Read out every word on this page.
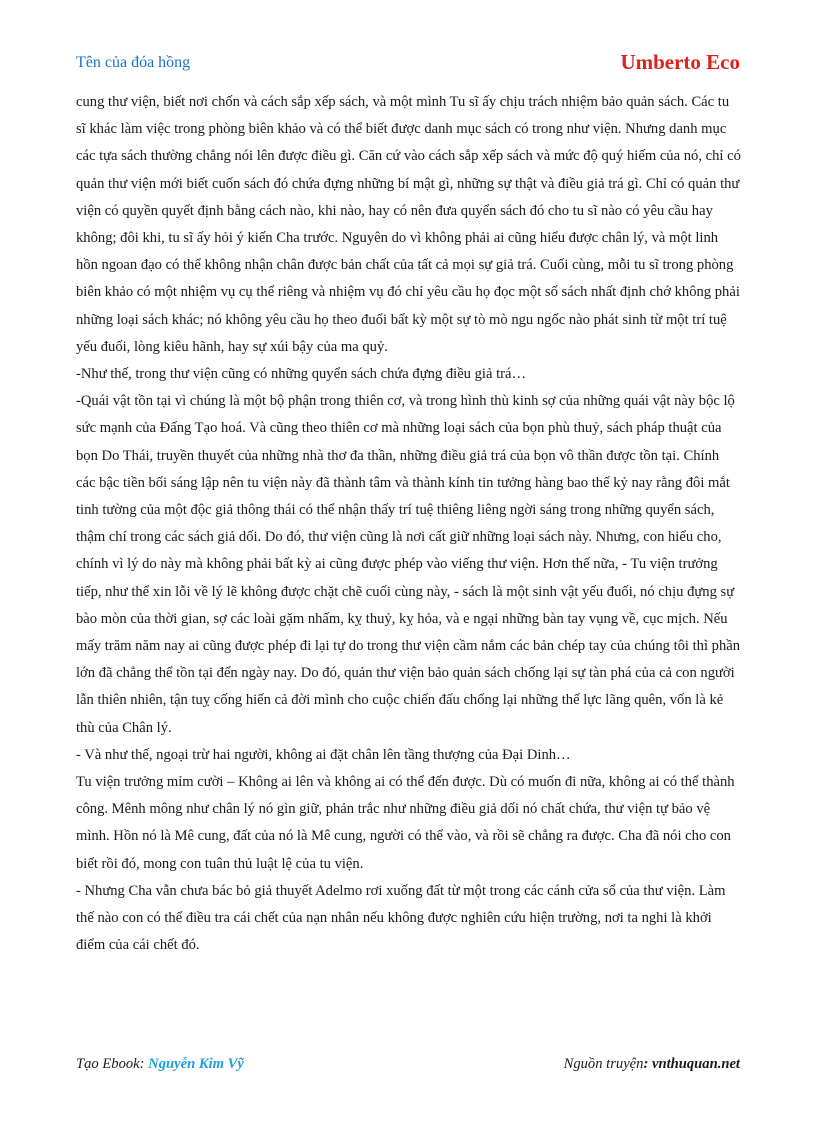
Tên của đóa hồng	Umberto Eco

cung thư viện, biết nơi chốn và cách sắp xếp sách, và một mình Tu sĩ ấy chịu trách nhiệm bảo quản sách. Các tu sĩ khác làm việc trong phòng biên khảo và có thể biết được danh mục sách có trong như viện. Nhưng danh mục các tựa sách thường chẳng nói lên được điều gì. Căn cứ vào cách sắp xếp sách và mức độ quý hiếm của nó, chỉ có quản thư viện mới biết cuốn sách đó chứa đựng những bí mật gì, những sự thật và điều giả trá gì. Chỉ có quản thư viện có quyền quyết định bằng cách nào, khi nào, hay có nên đưa quyển sách đó cho tu sĩ nào có yêu cầu hay không; đôi khi, tu sĩ ấy hỏi ý kiến Cha trước. Nguyên do vì không phải ai cũng hiểu được chân lý, và một linh hồn ngoan đạo có thể không nhận chân được bản chất của tất cả mọi sự giả trá. Cuối cùng, mỗi tu sĩ trong phòng biên khảo có một nhiệm vụ cụ thể riêng và nhiệm vụ đó chỉ yêu cầu họ đọc một số sách nhất định chớ không phải những loại sách khác; nó không yêu cầu họ theo đuổi bất kỳ một sự tò mò ngu ngốc nào phát sinh từ một trí tuệ yếu đuối, lòng kiêu hãnh, hay sự xúi bậy của ma quỷ.

-Như thế, trong thư viện cũng có những quyển sách chứa đựng điều giả trá…

-Quái vật tồn tại vì chúng là một bộ phận trong thiên cơ, và trong hình thù kinh sợ của những quái vật này bộc lộ sức mạnh của Đấng Tạo hoá. Và cũng theo thiên cơ mà những loại sách của bọn phù thuỷ, sách pháp thuật của bọn Do Thái, truyền thuyết của những nhà thơ đa thần, những điều giả trá của bọn vô thần được tồn tại. Chính các bậc tiền bối sáng lập nên tu viện này đã thành tâm và thành kính tin tưởng hàng bao thế kỷ nay rằng đôi mắt tinh tường của một độc giả thông thái có thể nhận thấy trí tuệ thiêng liêng ngời sáng trong những quyển sách, thậm chí trong các sách giả dối. Do đó, thư viện cũng là nơi cất giữ những loại sách này. Nhưng, con hiểu cho, chính vì lý do này mà không phải bất kỳ ai cũng được phép vào viếng thư viện. Hơn thế nữa, - Tu viện trưởng tiếp, như thể xin lỗi về lý lẽ không được chặt chẽ cuối cùng này, - sách là một sinh vật yếu đuối, nó chịu đựng sự bào mòn của thời gian, sợ các loài gặm nhấm, kỵ thuỷ, kỵ hỏa, và e ngại những bàn tay vụng về, cục mịch. Nếu mấy trăm năm nay ai cũng được phép đi lại tự do trong thư viện cầm nắm các bản chép tay của chúng tôi thì phần lớn đã chẳng thể tồn tại đến ngày nay. Do đó, quản thư viện bảo quản sách chống lại sự tàn phá của cả con người lẫn thiên nhiên, tận tuỵ cống hiến cả đời mình cho cuộc chiến đấu chống lại những thế lực lãng quên, vốn là kẻ thù của Chân lý.

- Và như thế, ngoại trừ hai người, không ai đặt chân lên tầng thượng của Đại Dinh…

Tu viện trưởng mỉm cười – Không ai lên và không ai có thể đến được. Dù có muốn đi nữa, không ai có thể thành công. Mênh mông như chân lý nó gìn giữ, phản trắc như những điều giả dối nó chất chứa, thư viện tự bảo vệ mình. Hồn nó là Mê cung, đất của nó là Mê cung, người có thể vào, và rồi sẽ chẳng ra được. Cha đã nói cho con biết rồi đó, mong con tuân thủ luật lệ của tu viện.

- Nhưng Cha vẫn chưa bác bỏ giả thuyết Adelmo rơi xuống đất từ một trong các cánh cửa sổ của thư viện. Làm thế nào con có thể điều tra cái chết của nạn nhân nếu không được nghiên cứu hiện trường, nơi ta nghi là khởi điểm của cái chết đó.

Tạo Ebook: Nguyễn Kim Vỹ	Nguồn truyện: vnthuquan.net
